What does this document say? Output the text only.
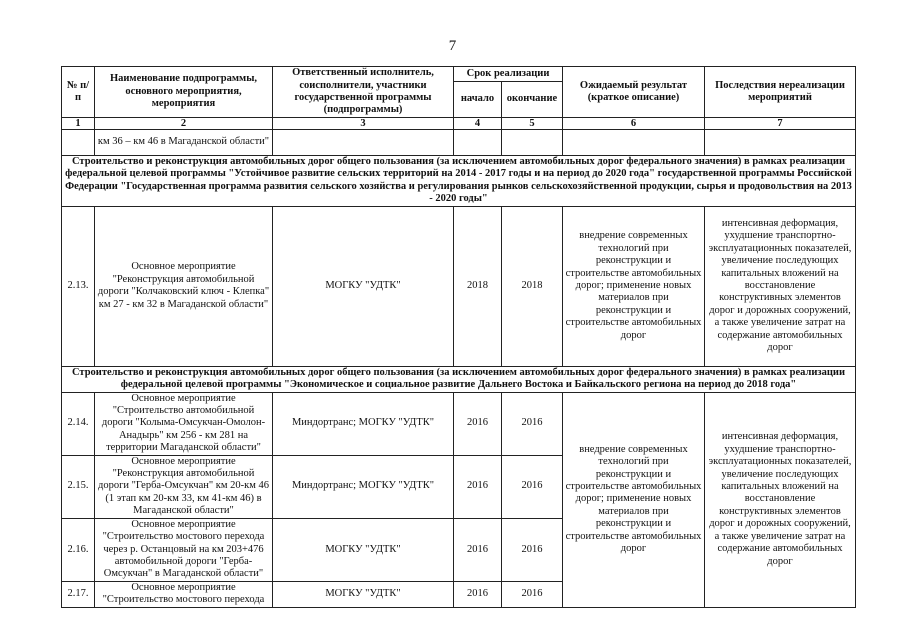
7
№ п/п	Наименование подпрограммы, основного мероприятия, мероприятия	Ответственный исполнитель, соисполнители, участники государственной программы (подпрограммы)	Срок реализации		Ожидаемый результат (краткое описание)	Последствия нереализации мероприятий
			начало	окончание		
1	2	3	4	5	6	7
	км 36 – км 46 в Магаданской области"					
Строительство и реконструкция автомобильных дорог общего пользования (за исключением автомобильных дорог федерального значения) в рамках реализации федеральной целевой программы "Устойчивое развитие сельских территорий на 2014 - 2017 годы и на период до 2020 года" государственной программы Российской Федерации "Государственная программа развития сельского хозяйства и регулирования рынков сельскохозяйственной продукции, сырья и продовольствия на 2013 - 2020 годы"						
2.13.	Основное мероприятие "Реконструкция автомобильной дороги "Колчаковский ключ - Клепка" км 27 - км 32 в Магаданской области"	МОГКУ "УДТК"	2018	2018	внедрение современных технологий при реконструкции и строительстве автомобильных дорог; применение новых материалов при реконструкции и строительстве автомобильных дорог	интенсивная деформация, ухудшение транспортно-эксплуатационных показателей, увеличение последующих капитальных вложений на восстановление конструктивных элементов дорог и дорожных сооружений, а также увеличение затрат на содержание автомобильных дорог
Строительство и реконструкция автомобильных дорог общего пользования (за исключением автомобильных дорог федерального значения) в рамках реализации федеральной целевой программы "Экономическое и социальное развитие Дальнего Востока и Байкальского региона на период до 2018 года"						
2.14.	Основное мероприятие "Строительство автомобильной дороги "Колыма-Омсукчан-Омолон-Анадырь" км 256 - км 281 на территории Магаданской области"	Миндортранс; МОГКУ "УДТК"	2016	2016	внедрение современных технологий при реконструкции и строительстве автомобильных дорог; применение новых материалов при реконструкции и строительстве автомобильных дорог	интенсивная деформация, ухудшение транспортно-эксплуатационных показателей, увеличение последующих капитальных вложений на восстановление конструктивных элементов дорог и дорожных сооружений, а также увеличение затрат на содержание автомобильных дорог
2.15.	Основное мероприятие "Реконструкция автомобильной дороги "Герба-Омсукчан" км 20-км 46 (1 этап км 20-км 33, км 41-км 46) в Магаданской области"	Миндортранс; МОГКУ "УДТК"	2016	2016		
2.16.	Основное мероприятие "Строительство мостового перехода через р. Останцовый на км 203+476 автомобильной дороги "Герба-Омсукчан" в Магаданской области"	МОГКУ "УДТК"	2016	2016		
2.17.	Основное мероприятие "Строительство мостового перехода	МОГКУ "УДТК"	2016	2016		
